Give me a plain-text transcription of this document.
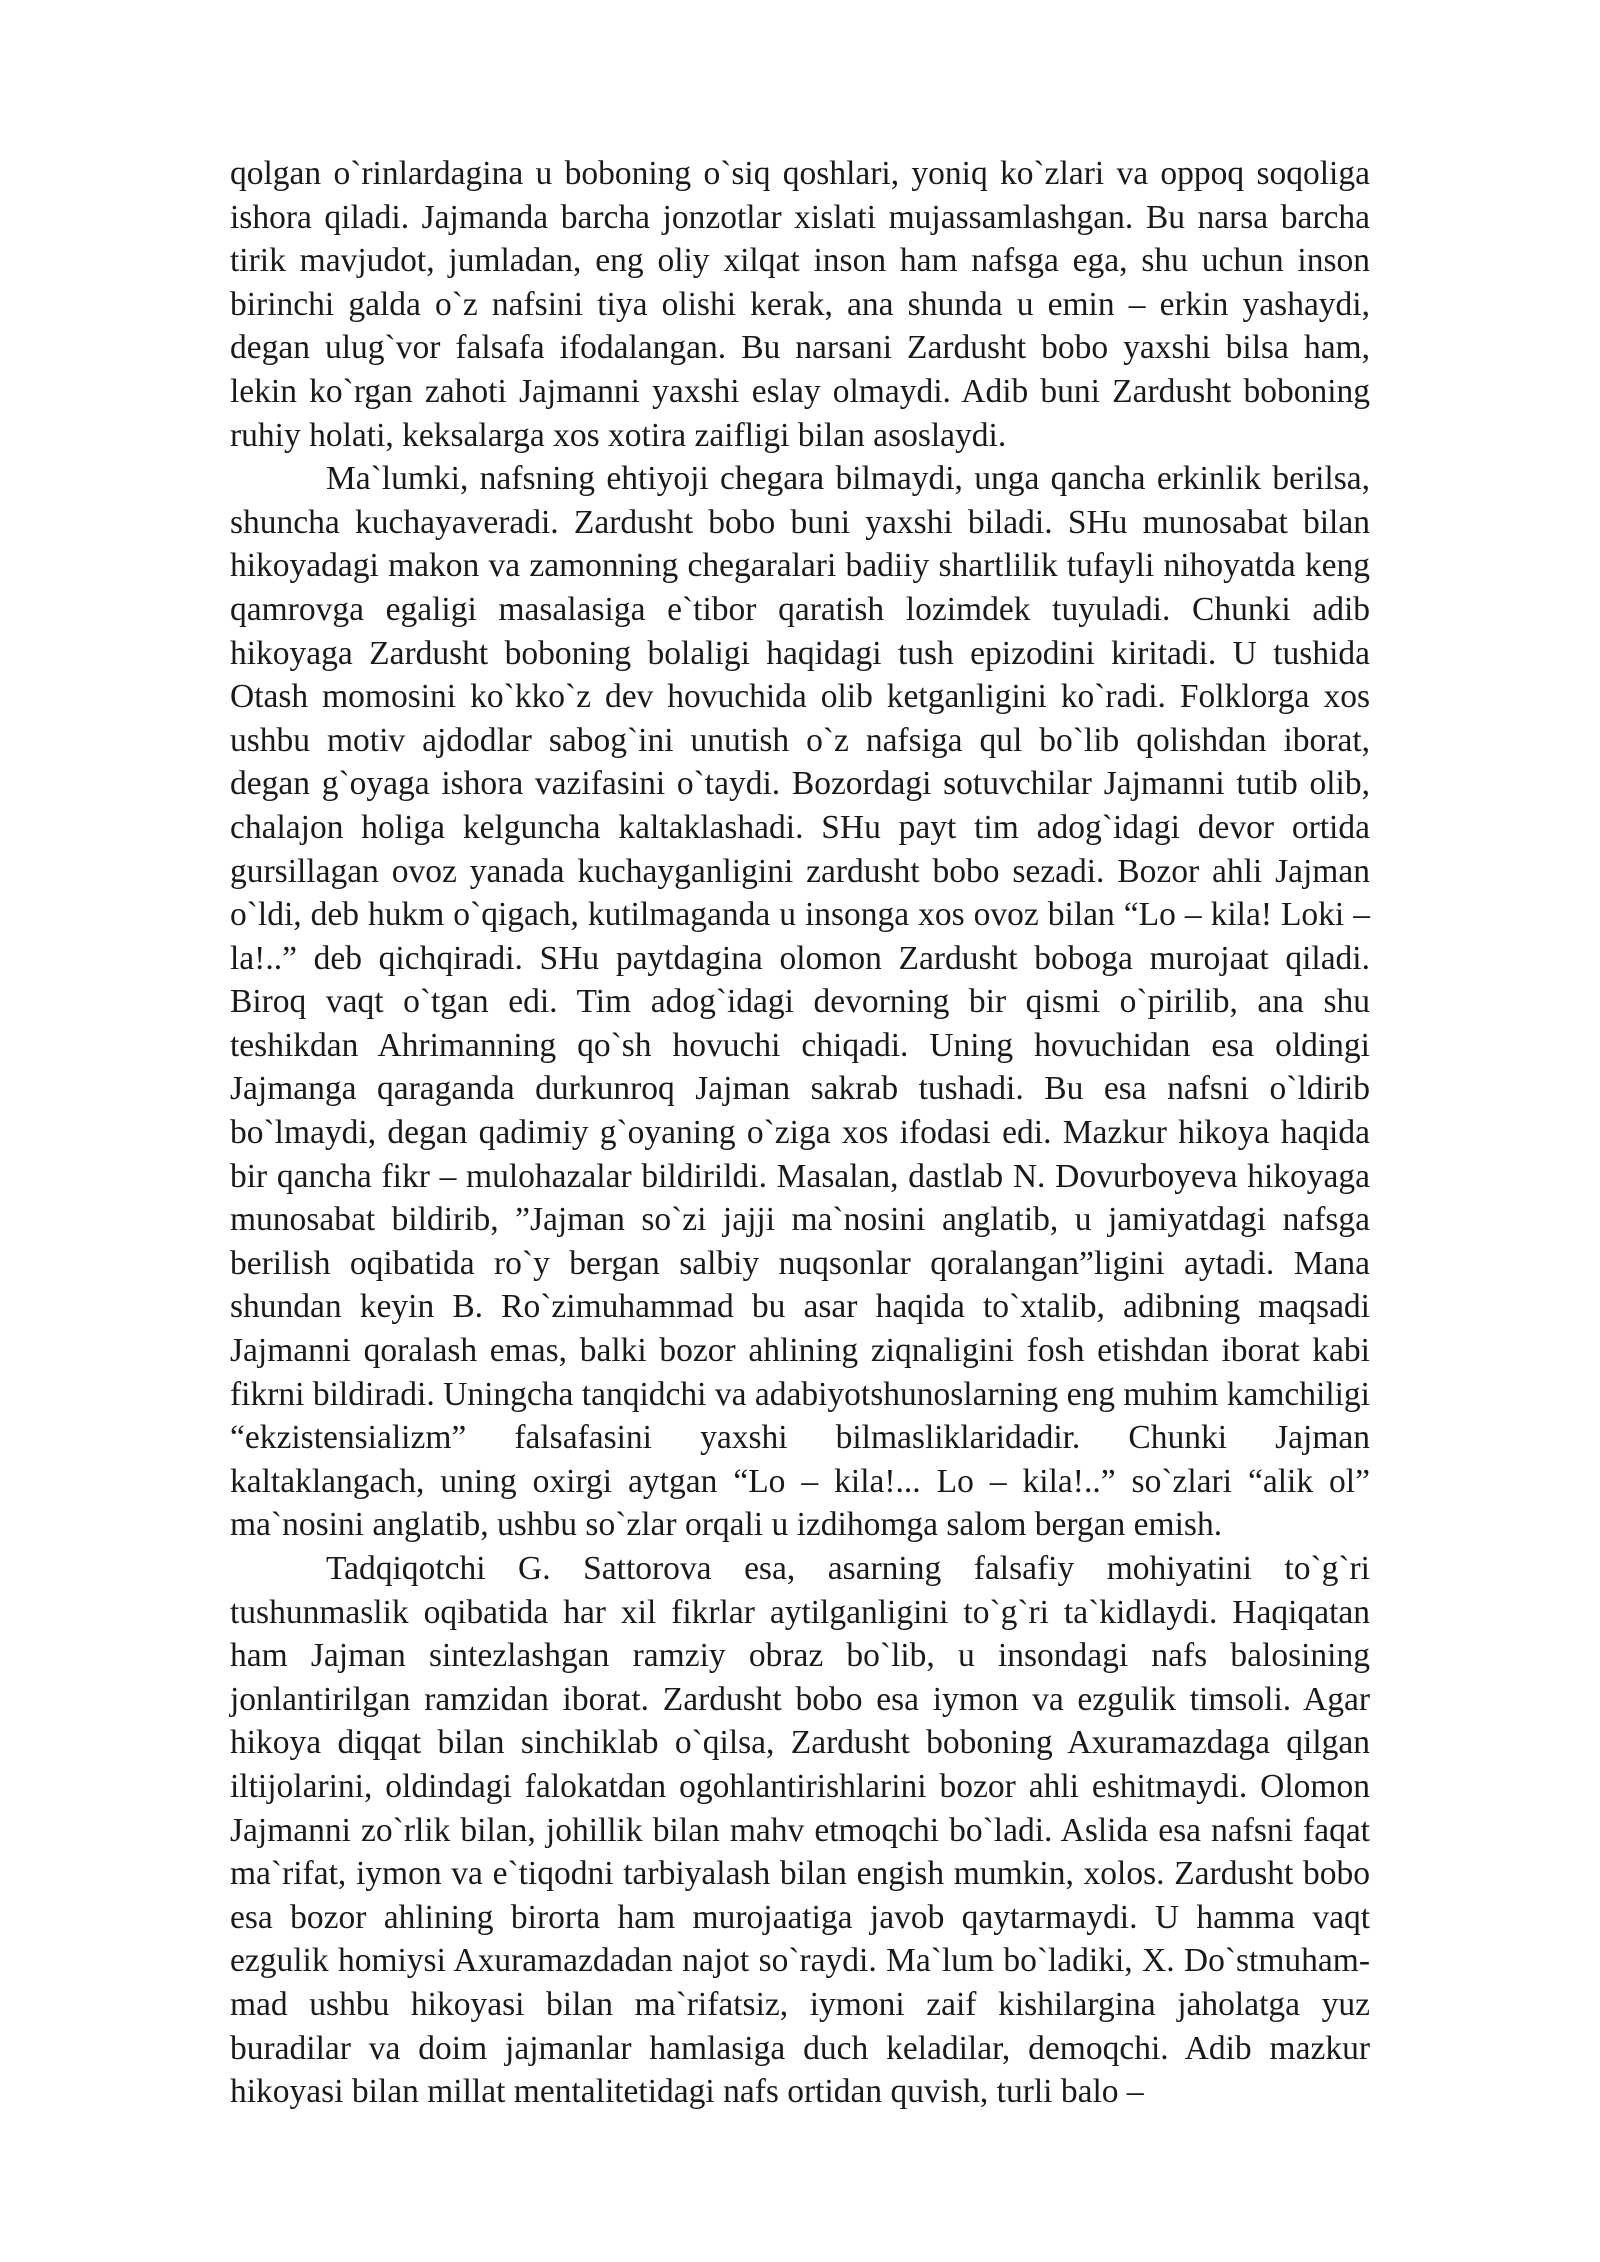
qolgan o`rinlardagina u boboning o`siq qoshlari, yoniq ko`zlari va oppoq soqoliga ishora qiladi. Jajmanda barcha jonzotlar xislati mujassamlashgan. Bu narsa barcha tirik mavjudot, jumladan, eng oliy xilqat inson ham nafsga ega, shu uchun inson birinchi galda o`z nafsini tiya olishi kerak, ana shunda u emin – erkin yashaydi, degan ulug`vor falsafa ifodalangan. Bu narsani Zardusht bobo yaxshi bilsa ham, lekin ko`rgan zahoti Jajmanni yaxshi eslay olmaydi. Adib buni Zardusht boboning ruhiy holati, keksalarga xos xotira zaifligi bilan asoslaydi.

Ma`lumki, nafsning ehtiyoji chegara bilmaydi, unga qancha erkinlik berilsa, shuncha kuchayaveradi. Zardusht bobo buni yaxshi biladi. SHu munosabat bilan hikoyadagi makon va zamonning chegaralari badiiy shartlilik tufayli nihoyatda keng qamrovga egaligi masalasiga e`tibor qaratish lozimdek tuyuladi. Chunki adib hikoyaga Zardusht boboning bolaligi haqidagi tush epizodini kiritadi. U tushida Otash momosini ko`kko`z dev hovuchida olib ketganligini ko`radi. Folklorga xos ushbu motiv ajdodlar sabog`ini unutish o`z nafsiga qul bo`lib qolishdan iborat, degan g`oyaga ishora vazifasini o`taydi. Bozordagi sotuvchilar Jajmanni tutib olib, chalajon holiga kelguncha kaltaklashadi. SHu payt tim adog`idagi devor ortida gursillagan ovoz yanada kuchayganligini zardusht bobo sezadi. Bozor ahli Jajman o`ldi, deb hukm o`qigach, kutilmaganda u insonga xos ovoz bilan “Lo – kila! Loki – la!..” deb qichqiradi. SHu paytdagina olomon Zardusht boboga murojaat qiladi. Biroq vaqt o`tgan edi. Tim adog`idagi devorning bir qismi o`pirilib, ana shu teshikdan Ahrimanning qo`sh hovuchi chiqadi. Uning hovuchidan esa oldingi Jajmanga qaraganda durkunroq Jajman sakrab tushadi. Bu esa nafsni o`ldirib bo`lmaydi, degan qadimiy g`oyaning o`ziga xos ifodasi edi. Mazkur hikoya haqida bir qancha fikr – mulohazalar bildirildi. Masalan, dastlab N. Dovurboyeva hikoyaga munosabat bildirib, ”Jajman so`zi jajji ma`nosini anglatib, u jamiyatdagi nafsga berilish oqibatida ro`y bergan salbiy nuqsonlar qoralangan”ligini aytadi. Mana shundan keyin B. Ro`zimuhammad bu asar haqida to`xtalib, adibning maqsadi Jajmanni qoralash emas, balki bozor ahlining ziqnaligini fosh etishdan iborat kabi fikrni bildiradi. Uningcha tanqidchi va adabiyotshunoslarning eng muhim kamchiligi “ekzistensializm” falsafasini yaxshi bilmasliklaridadir. Chunki Jajman kaltaklangach, uning oxirgi aytgan “Lo – kila!... Lo – kila!..” so`zlari “alik ol” ma`nosini anglatib, ushbu so`zlar orqali u izdihomga salom bergan emish.

Tadqiqotchi G. Sattorova esa, asarning falsafiy mohiyatini to`g`ri tushunmaslik oqibatida har xil fikrlar aytilganligini to`g`ri ta`kidlaydi. Haqiqatan ham Jajman sintezlashgan ramziy obraz bo`lib, u insondagi nafs balosining jonlantirilgan ramzidan iborat. Zardusht bobo esa iymon va ezgulik timsoli. Agar hikoya diqqat bilan sinchiklab o`qilsa, Zardusht boboning Axuramazdaga qilgan iltijolarini, oldindagi falokatdan ogohlantirishlarini bozor ahli eshitmaydi. Olomon Jajmanni zo`rlik bilan, johillik bilan mahv etmoqchi bo`ladi. Aslida esa nafsni faqat ma`rifat, iymon va e`tiqodni tarbiyalash bilan engish mumkin, xolos. Zardusht bobo esa bozor ahlining birorta ham murojaatiga javob qaytarmaydi. U hamma vaqt ezgulik homiysi Axuramazdadan najot so`raydi. Ma`lum bo`ladiki, X. Do`stmuham-mad ushbu hikoyasi bilan ma`rifatsiz, iymoni zaif kishilargina jaholatga yuz buradilar va doim jajmanlar hamlasiga duch keladilar, demoqchi. Adib mazkur hikoyasi bilan millat mentalitetidagi nafs ortidan quvish, turli balo –
